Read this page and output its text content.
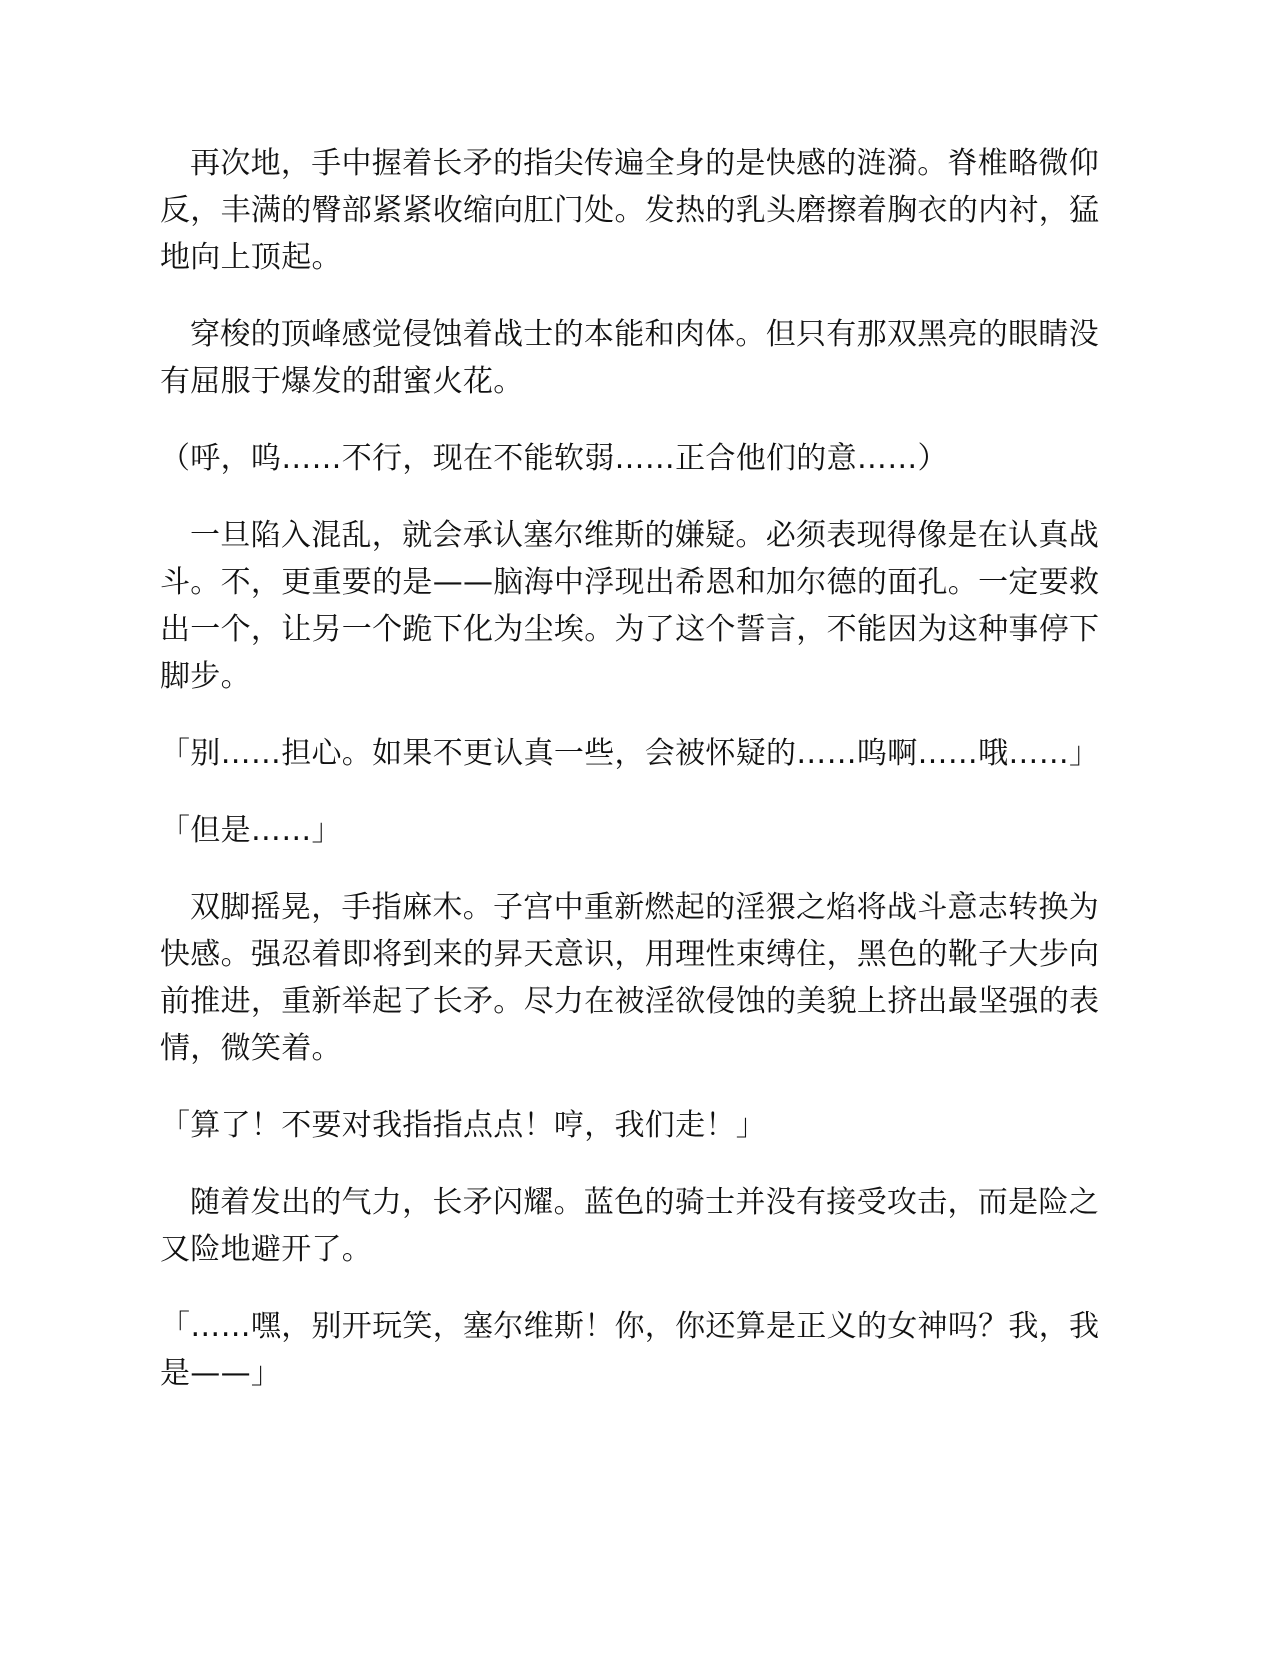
再次地，手中握着长矛的指尖传遍全身的是快感的涟漪。脊椎略微仰反，丰满的臀部紧紧收缩向肛门处。发热的乳头磨擦着胸衣的内衬，猛地向上顶起。

穿梭的顶峰感觉侵蚀着战士的本能和肉体。但只有那双黑亮的眼睛没有屈服于爆发的甜蜜火花。

（呼，呜……不行，现在不能软弱……正合他们的意……）

一旦陷入混乱，就会承认塞尔维斯的嫌疑。必须表现得像是在认真战斗。不，更重要的是——脑海中浮现出希恩和加尔德的面孔。一定要救出一个，让另一个跪下化为尘埃。为了这个誓言，不能因为这种事停下脚步。

「别……担心。如果不更认真一些，会被怀疑的……呜啊……哦……」

「但是……」

双脚摇晃，手指麻木。子宫中重新燃起的淫猥之焰将战斗意志转换为快感。强忍着即将到来的昇天意识，用理性束缚住，黑色的靴子大步向前推进，重新举起了长矛。尽力在被淫欲侵蚀的美貌上挤出最坚强的表情，微笑着。

「算了！不要对我指指点点！哼，我们走！」

随着发出的气力，长矛闪耀。蓝色的骑士并没有接受攻击，而是险之又险地避开了。

「……嘿，别开玩笑，塞尔维斯！你，你还算是正义的女神吗？我，我是——」
